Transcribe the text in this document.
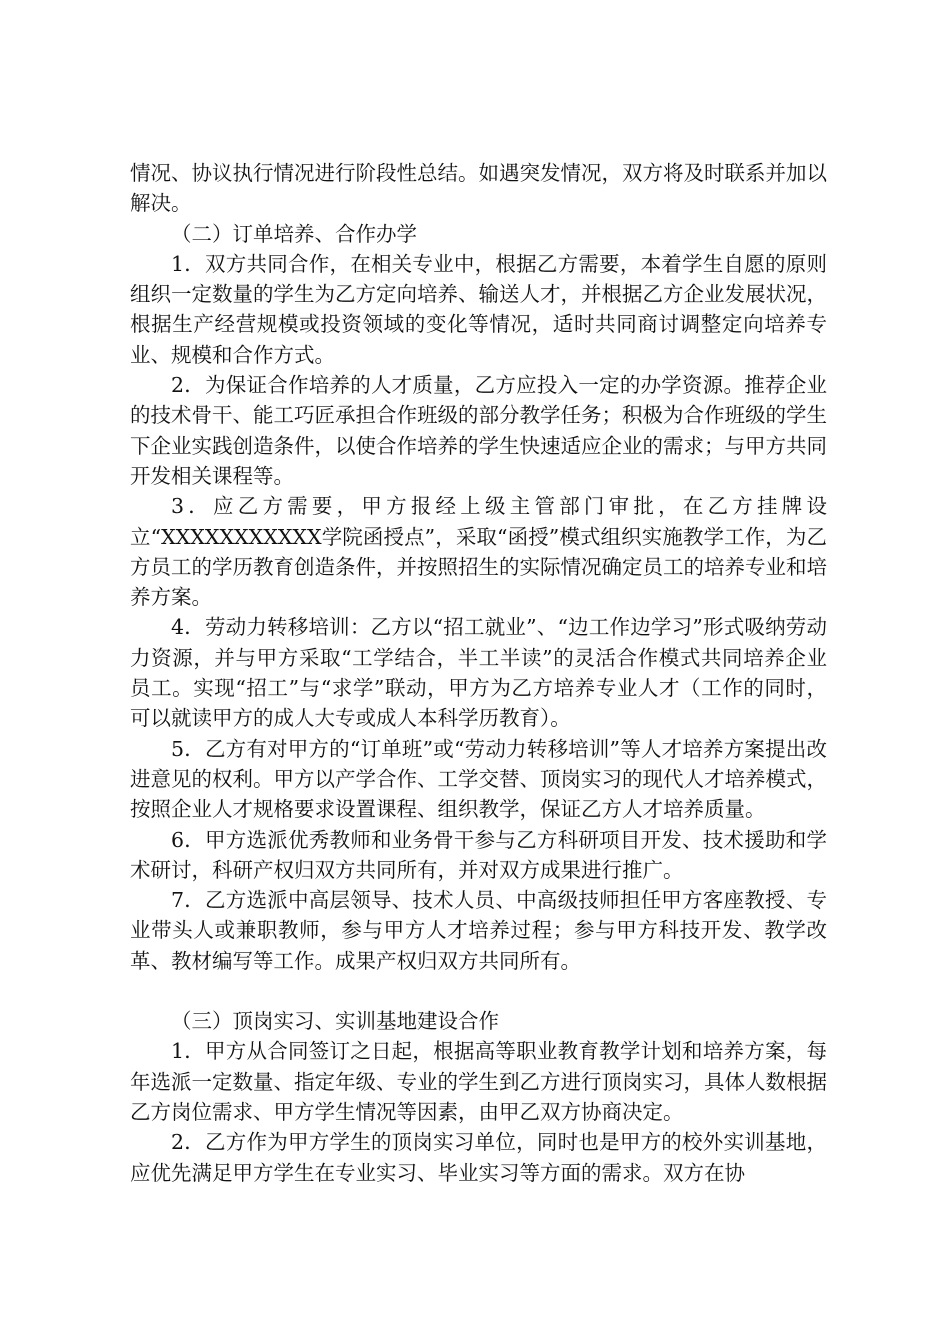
情况、协议执行情况进行阶段性总结。如遇突发情况，双方将及时联系并加以解决。

（二）订单培养、合作办学

1．双方共同合作，在相关专业中，根据乙方需要，本着学生自愿的原则组织一定数量的学生为乙方定向培养、输送人才，并根据乙方企业发展状况，根据生产经营规模或投资领域的变化等情况，适时共同商讨调整定向培养专业、规模和合作方式。

2．为保证合作培养的人才质量，乙方应投入一定的办学资源。推荐企业的技术骨干、能工巧匠承担合作班级的部分教学任务；积极为合作班级的学生下企业实践创造条件，以使合作培养的学生快速适应企业的需求；与甲方共同开发相关课程等。

3．应乙方需要，甲方报经上级主管部门审批，在乙方挂牌设立“XXXXXXXXXXX学院函授点”，采取“函授”模式组织实施教学工作，为乙方员工的学历教育创造条件，并按照招生的实际情况确定员工的培养专业和培养方案。

4．劳动力转移培训：乙方以“招工就业”、“边工作边学习”形式吸纳劳动力资源，并与甲方采取“工学结合，半工半读”的灵活合作模式共同培养企业员工。实现“招工”与“求学”联动，甲方为乙方培养专业人才（工作的同时，可以就读甲方的成人大专或成人本科学历教育）。

5．乙方有对甲方的“订单班”或“劳动力转移培训”等人才培养方案提出改进意见的权利。甲方以产学合作、工学交替、顶岗实习的现代人才培养模式，按照企业人才规格要求设置课程、组织教学，保证乙方人才培养质量。

6．甲方选派优秀教师和业务骨干参与乙方科研项目开发、技术援助和学术研讨，科研产权归双方共同所有，并对双方成果进行推广。

7．乙方选派中高层领导、技术人员、中高级技师担任甲方客座教授、专业带头人或兼职教师，参与甲方人才培养过程；参与甲方科技开发、教学改革、教材编写等工作。成果产权归双方共同所有。

（三）顶岗实习、实训基地建设合作

1．甲方从合同签订之日起，根据高等职业教育教学计划和培养方案，每年选派一定数量、指定年级、专业的学生到乙方进行顶岗实习，具体人数根据乙方岗位需求、甲方学生情况等因素，由甲乙双方协商决定。

2．乙方作为甲方学生的顶岗实习单位，同时也是甲方的校外实训基地，应优先满足甲方学生在专业实习、毕业实习等方面的需求。双方在协
